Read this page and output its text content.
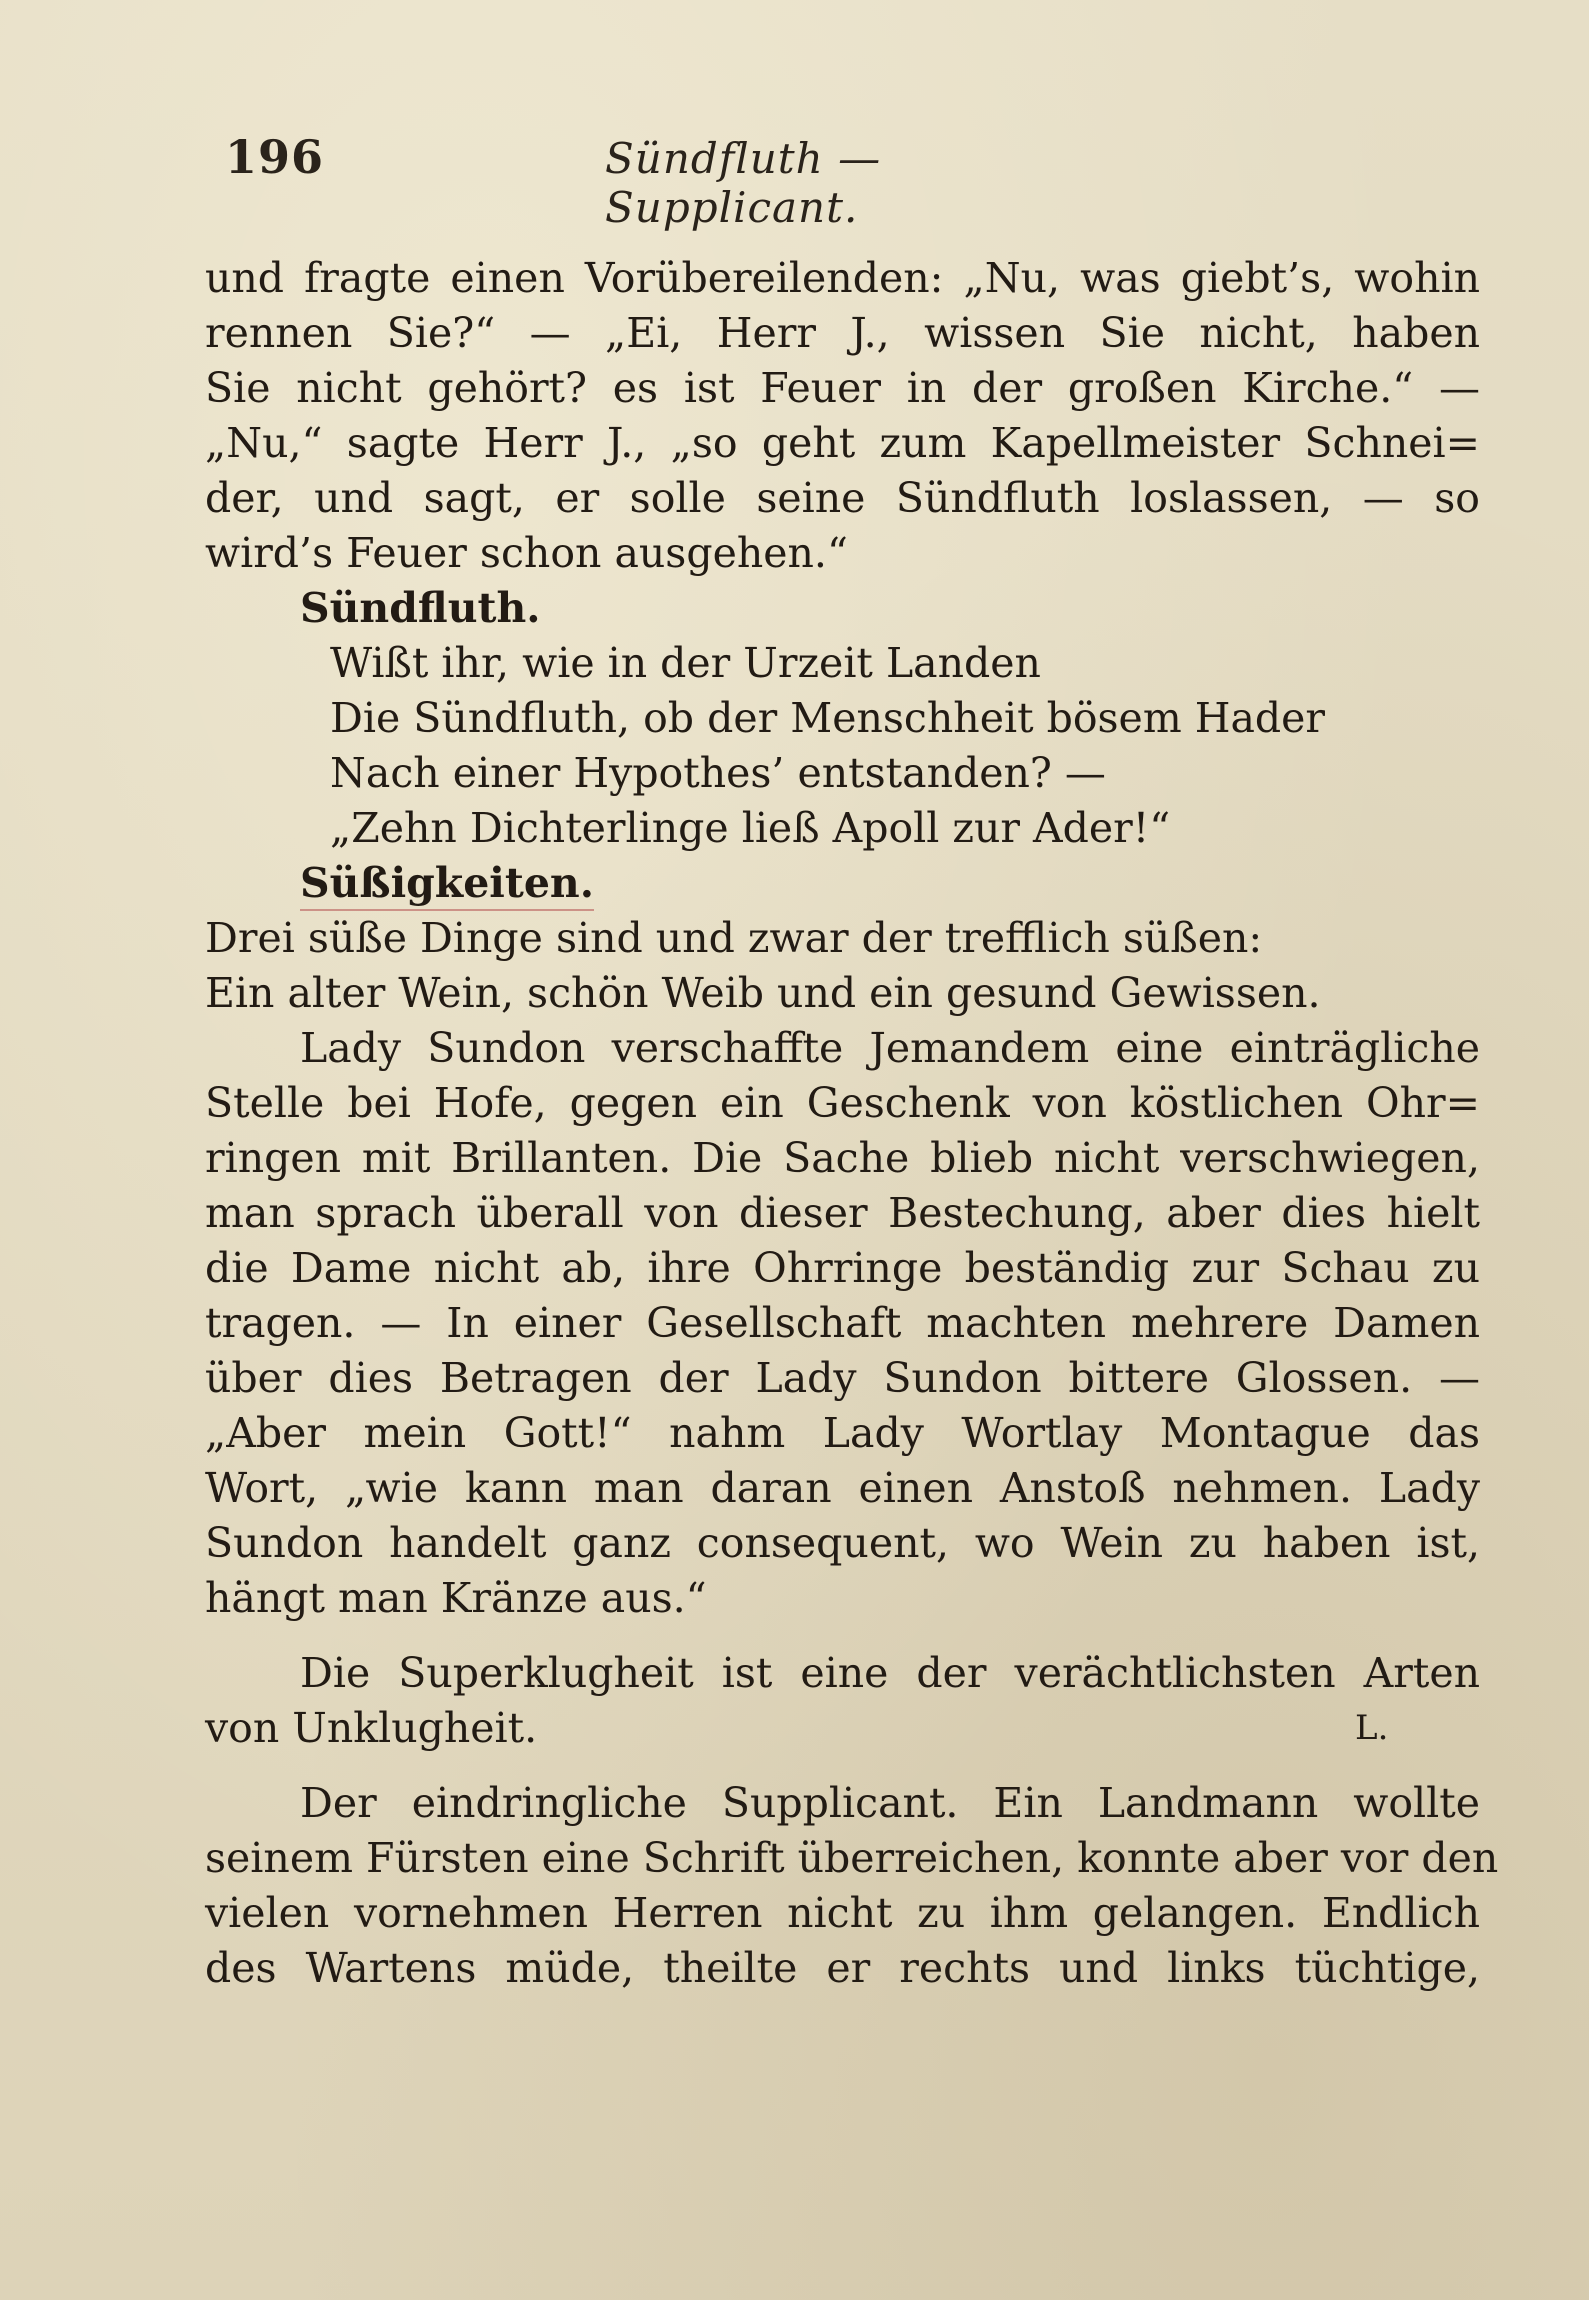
196	Sündfluth — Supplicant.
und fragte einen Vorübereilenden: „Nu, was giebt’s, wohin
rennen Sie?“ — „Ei, Herr J., wissen Sie nicht, haben
Sie nicht gehört? es ist Feuer in der großen Kirche.“ —
„Nu,“ sagte Herr J., „so geht zum Kapellmeister Schnei=
der, und sagt, er solle seine Sündfluth loslassen, — so
wird’s Feuer schon ausgehen.“
Sündfluth.
Wißt ihr, wie in der Urzeit Landen
Die Sündfluth, ob der Menschheit bösem Hader
Nach einer Hypothes’ entstanden? —
„Zehn Dichterlinge ließ Apoll zur Ader!“
Süßigkeiten.
Drei süße Dinge sind und zwar der trefflich süßen:
Ein alter Wein, schön Weib und ein gesund Gewissen.
Lady Sundon verschaffte Jemandem eine einträgliche
Stelle bei Hofe, gegen ein Geschenk von köstlichen Ohr=
ringen mit Brillanten. Die Sache blieb nicht verschwiegen,
man sprach überall von dieser Bestechung, aber dies hielt
die Dame nicht ab, ihre Ohrringe beständig zur Schau zu
tragen. — In einer Gesellschaft machten mehrere Damen
über dies Betragen der Lady Sundon bittere Glossen. —
„Aber mein Gott!“ nahm Lady Wortlay Montague das
Wort, „wie kann man daran einen Anstoß nehmen. Lady
Sundon handelt ganz consequent, wo Wein zu haben ist,
hängt man Kränze aus.“
Die Superklugheit ist eine der verächtlichsten Arten
von Unklugheit.	L.
Der eindringliche Supplicant. Ein Landmann wollte
seinem Fürsten eine Schrift überreichen, konnte aber vor den
vielen vornehmen Herren nicht zu ihm gelangen. Endlich
des Wartens müde, theilte er rechts und links tüchtige,
